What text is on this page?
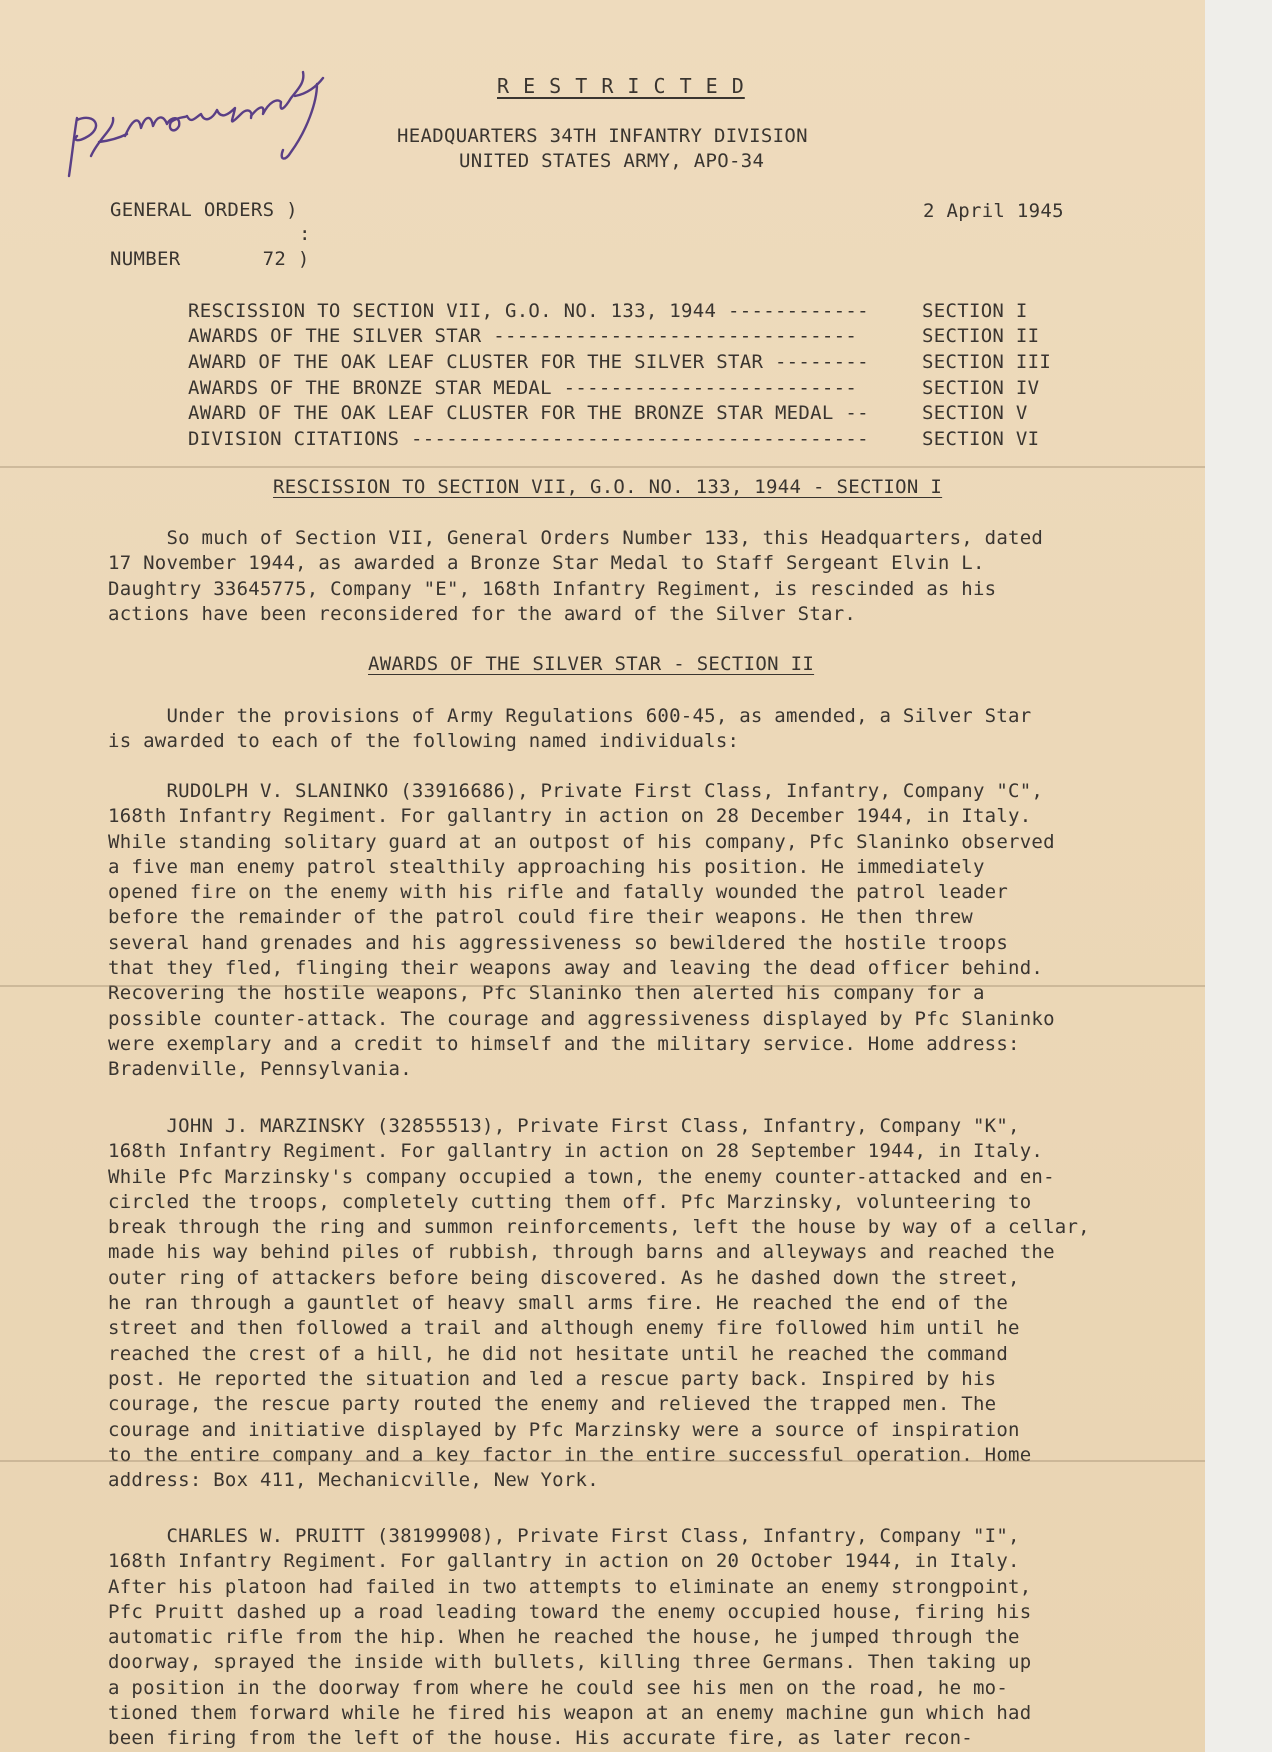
R E S T R I C T E D
HEADQUARTERS 34TH INFANTRY DIVISION
UNITED STATES ARMY, APO-34
GENERAL ORDERS )
:
NUMBER       72 )
2 April 1945
RESCISSION TO SECTION VII, G.O. NO. 133, 1944 ------------	SECTION I
AWARDS OF THE SILVER STAR -------------------------------	SECTION II
AWARD OF THE OAK LEAF CLUSTER FOR THE SILVER STAR --------	SECTION III
AWARDS OF THE BRONZE STAR MEDAL -------------------------	SECTION IV
AWARD OF THE OAK LEAF CLUSTER FOR THE BRONZE STAR MEDAL --	SECTION V
DIVISION CITATIONS ---------------------------------------	SECTION VI
RESCISSION TO SECTION VII, G.O. NO. 133, 1944 - SECTION I
So much of Section VII, General Orders Number 133, this Headquarters, dated
17 November 1944, as awarded a Bronze Star Medal to Staff Sergeant Elvin L.
Daughtry 33645775, Company "E", 168th Infantry Regiment, is rescinded as his
actions have been reconsidered for the award of the Silver Star.
AWARDS OF THE SILVER STAR - SECTION II
Under the provisions of Army Regulations 600-45, as amended, a Silver Star
is awarded to each of the following named individuals:
RUDOLPH V. SLANINKO (33916686), Private First Class, Infantry, Company "C",
168th Infantry Regiment. For gallantry in action on 28 December 1944, in Italy.
While standing solitary guard at an outpost of his company, Pfc Slaninko observed
a five man enemy patrol stealthily approaching his position. He immediately
opened fire on the enemy with his rifle and fatally wounded the patrol leader
before the remainder of the patrol could fire their weapons. He then threw
several hand grenades and his aggressiveness so bewildered the hostile troops
that they fled, flinging their weapons away and leaving the dead officer behind.
Recovering the hostile weapons, Pfc Slaninko then alerted his company for a
possible counter-attack. The courage and aggressiveness displayed by Pfc Slaninko
were exemplary and a credit to himself and the military service. Home address:
Bradenville, Pennsylvania.
JOHN J. MARZINSKY (32855513), Private First Class, Infantry, Company "K",
168th Infantry Regiment. For gallantry in action on 28 September 1944, in Italy.
While Pfc Marzinsky's company occupied a town, the enemy counter-attacked and en-
circled the troops, completely cutting them off. Pfc Marzinsky, volunteering to
break through the ring and summon reinforcements, left the house by way of a cellar,
made his way behind piles of rubbish, through barns and alleyways and reached the
outer ring of attackers before being discovered. As he dashed down the street,
he ran through a gauntlet of heavy small arms fire. He reached the end of the
street and then followed a trail and although enemy fire followed him until he
reached the crest of a hill, he did not hesitate until he reached the command
post. He reported the situation and led a rescue party back. Inspired by his
courage, the rescue party routed the enemy and relieved the trapped men. The
courage and initiative displayed by Pfc Marzinsky were a source of inspiration
to the entire company and a key factor in the entire successful operation. Home
address: Box 411, Mechanicville, New York.
CHARLES W. PRUITT (38199908), Private First Class, Infantry, Company "I",
168th Infantry Regiment. For gallantry in action on 20 October 1944, in Italy.
After his platoon had failed in two attempts to eliminate an enemy strongpoint,
Pfc Pruitt dashed up a road leading toward the enemy occupied house, firing his
automatic rifle from the hip. When he reached the house, he jumped through the
doorway, sprayed the inside with bullets, killing three Germans. Then taking up
a position in the doorway from where he could see his men on the road, he mo-
tioned them forward while he fired his weapon at an enemy machine gun which had
been firing from the left of the house. His accurate fire, as later recon-
